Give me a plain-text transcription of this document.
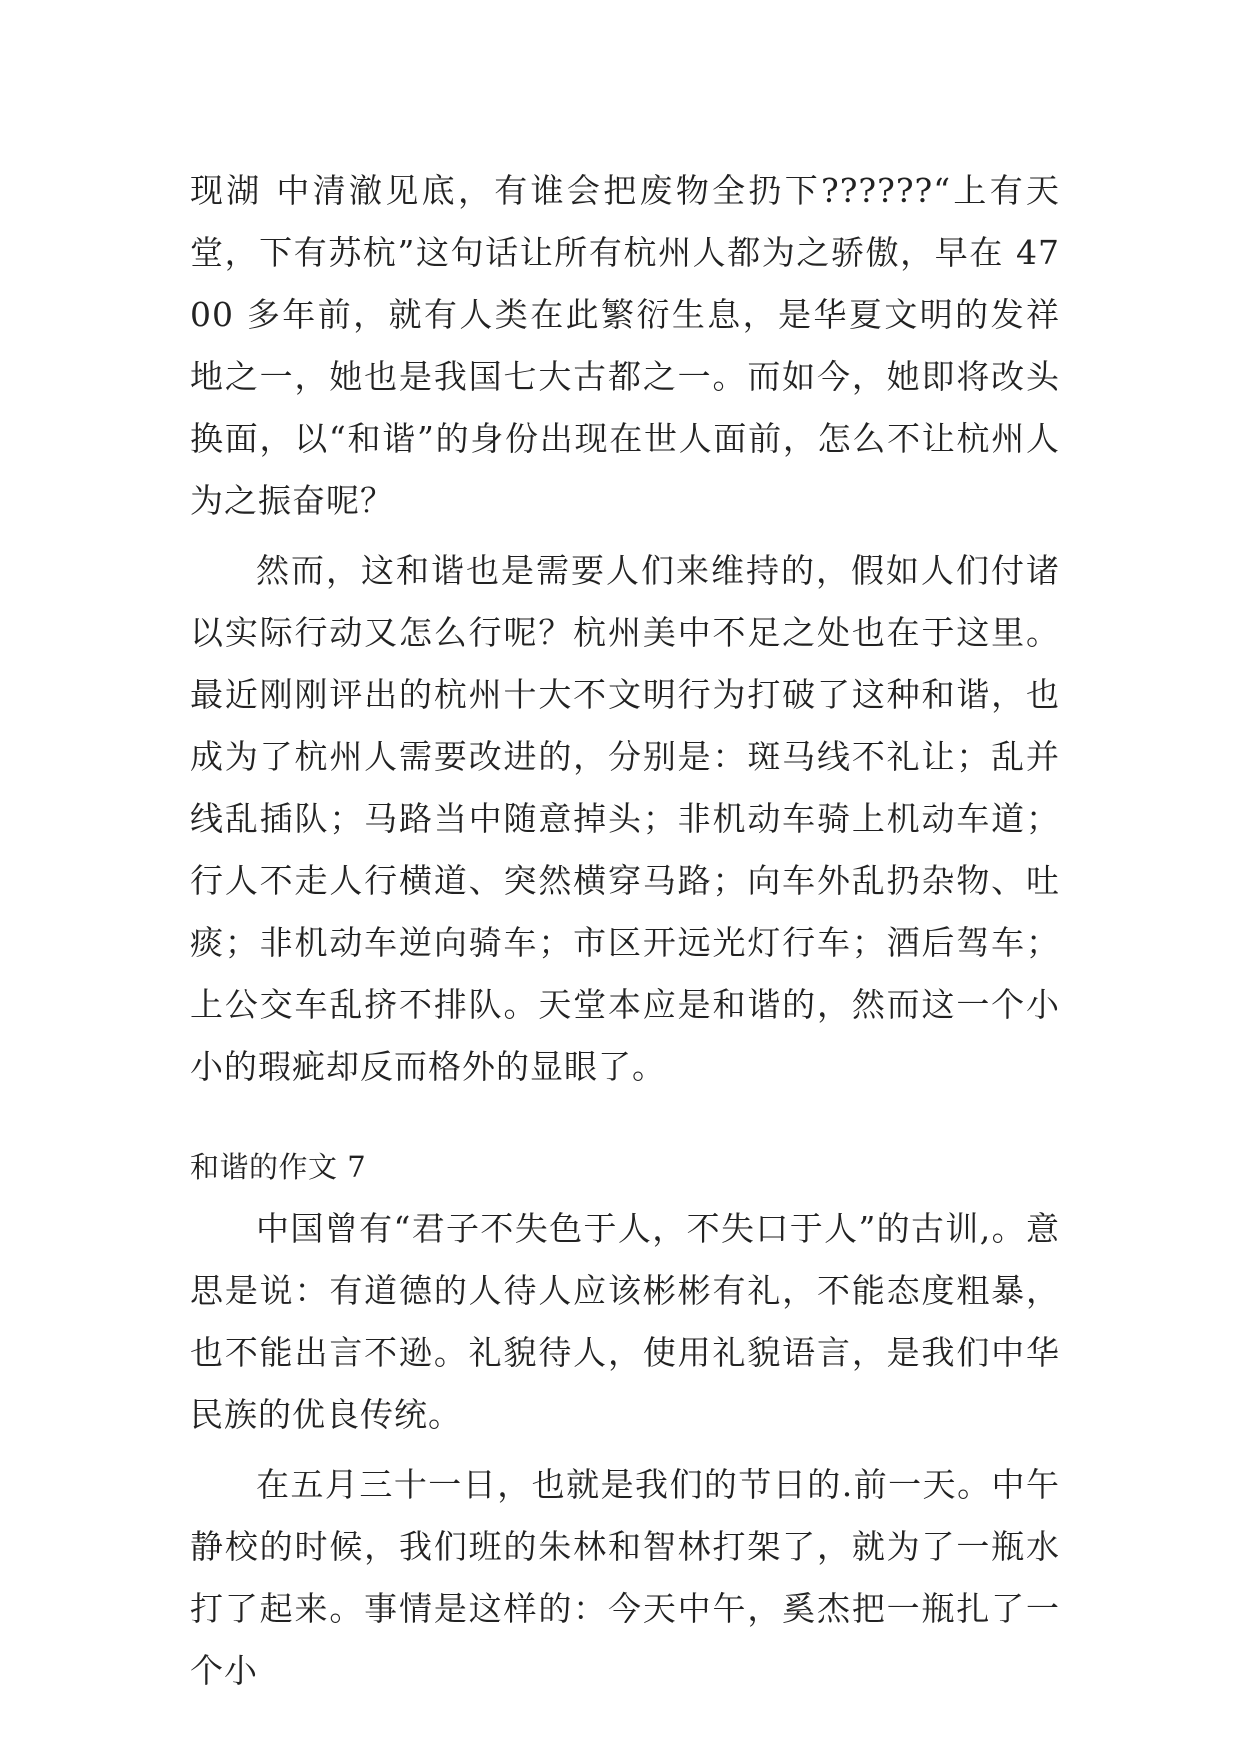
现湖 中清澈见底，有谁会把废物全扔下??????“上有天堂，下有苏杭”这句话让所有杭州人都为之骄傲，早在 4700 多年前，就有人类在此繁衍生息，是华夏文明的发祥地之一，她也是我国七大古都之一。而如今，她即将改头换面，以“和谐”的身份出现在世人面前，怎么不让杭州人为之振奋呢？

然而，这和谐也是需要人们来维持的，假如人们付诸以实际行动又怎么行呢？杭州美中不足之处也在于这里。最近刚刚评出的杭州十大不文明行为打破了这种和谐，也成为了杭州人需要改进的，分别是：斑马线不礼让；乱并线乱插队；马路当中随意掉头；非机动车骑上机动车道；行人不走人行横道、突然横穿马路；向车外乱扔杂物、吐痰；非机动车逆向骑车；市区开远光灯行车；酒后驾车；上公交车乱挤不排队。天堂本应是和谐的，然而这一个小小的瑕疵却反而格外的显眼了。

和谐的作文 7

中国曾有“君子不失色于人，不失口于人”的古训,。意思是说：有道德的人待人应该彬彬有礼，不能态度粗暴，也不能出言不逊。礼貌待人，使用礼貌语言，是我们中华民族的优良传统。

在五月三十一日，也就是我们的节日的.前一天。中午静校的时候，我们班的朱林和智林打架了，就为了一瓶水打了起来。事情是这样的：今天中午，奚杰把一瓶扎了一个小
